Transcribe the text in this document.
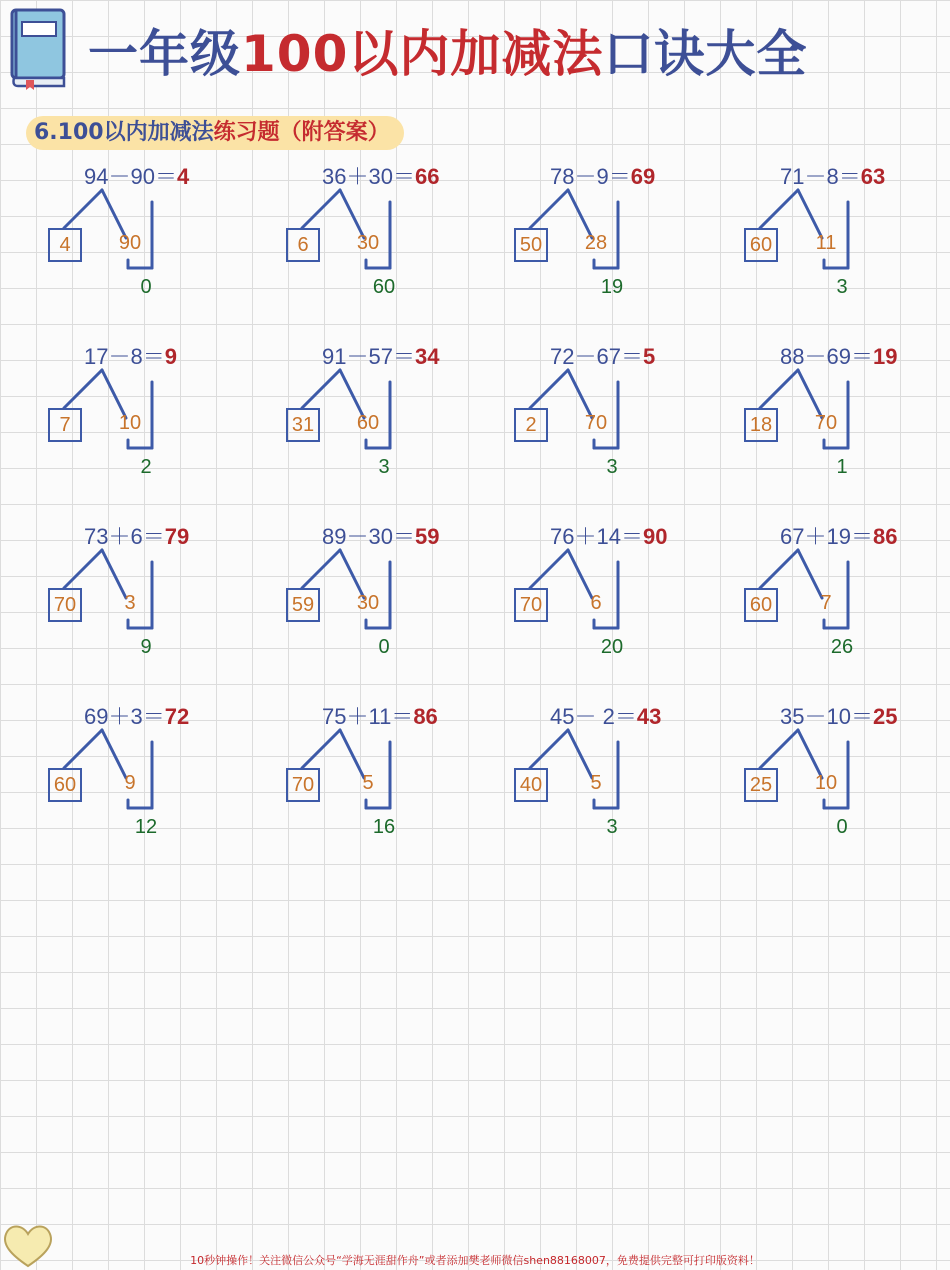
一年级100以内加减法口诀大全
6.100以内加减法练习题（附答案）
94－90＝4
4	90
0
36＋30＝66
6	30
60
78－9＝69
50	28
19
71－8＝63
60	11
3
17－8＝9
7	10
2
91－57＝34
31	60
3
72－67＝5
2	70
3
88－69＝19
18	70
1
73＋6＝79
70	3
9
89－30＝59
59	30
0
76＋14＝90
70	6
20
67＋19＝86
60	7
26
69＋3＝72
60	9
12
75＋11＝86
70	5
16
45－ 2＝43
40	5
3
35－10＝25
25	10
0
10秒钟操作！关注微信公众号“学海无涯甜作舟”或者添加樊老师微信shen88168007，免费提供完整可打印版资料！
